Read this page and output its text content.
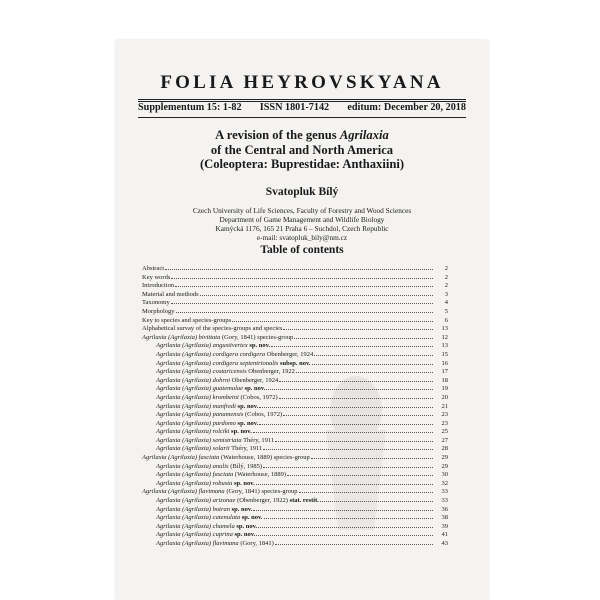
FOLIA HEYROVSKYANA
Supplementum 15: 1-82 ISSN 1801-7142 editum: December 20, 2018
A revision of the genus Agrilaxia
of the Central and North America
(Coleoptera: Buprestidae: Anthaxiini)
Svatopluk Bílý
Czech University of Life Sciences, Faculty of Forestry and Wood Sciences
Department of Game Management and Wildlife Biology
Kamýcká 1176, 165 21 Praha 6 – Suchdol, Czech Republic
e-mail: svatopluk_bily@nm.cz
Table of contents
Abstract	2
Key words	2
Introduction	2
Material and methods	3
Taxonomy	4
Morphology	5
Key to species and species-groups	6
Alphabetical survay of the species-groups and species	13
Agrilaxia (Agrilaxia) bivittata (Gory, 1841) species-group	12
Agrilaxia (Agrilaxia) angustivertex sp. nov.	13
Agrilaxia (Agrilaxia) cordigera cordigera Obenberger, 1924	15
Agrilaxia (Agrilaxia) cordigera septentrionalis subsp. nov.	16
Agrilaxia (Agrilaxia) costaricensis Obenberger, 1922	17
Agrilaxia (Agrilaxia) dohrni Obenberger, 1924	18
Agrilaxia (Agrilaxia) guatemalae sp. nov.	19
Agrilaxia (Agrilaxia) krombeini (Cobos, 1972)	20
Agrilaxia (Agrilaxia) manfredi sp. nov.	21
Agrilaxia (Agrilaxia) panamensis (Cobos, 1972)	23
Agrilaxia (Agrilaxia) pardomo sp. nov.	23
Agrilaxia (Agrilaxia) rolciki sp. nov.	25
Agrilaxia (Agrilaxia) semistriata Théry, 1911	27
Agrilaxia (Agrilaxia) solarii Théry, 1911	28
Agrilaxia (Agrilaxia) fasciata (Waterhouse, 1889) species-group	29
Agrilaxia (Agrilaxia) analis (Bílý, 1985)	29
Agrilaxia (Agrilaxia) fasciata (Waterhouse, 1889)	30
Agrilaxia (Agrilaxia) robusta sp. nov.	32
Agrilaxia (Agrilaxia) flavimana (Gory, 1841) species-group	33
Agrilaxia (Agrilaxia) arizonae (Obenberger, 1922) stat. restit.	33
Agrilaxia (Agrilaxia) botran sp. nov.	36
Agrilaxia (Agrilaxia) catenulata sp. nov.	38
Agrilaxia (Agrilaxia) chamela sp. nov.	39
Agrilaxia (Agrilaxia) cuprina sp. nov.	41
Agrilaxia (Agrilaxia) flavimana (Gory, 1841)	43
